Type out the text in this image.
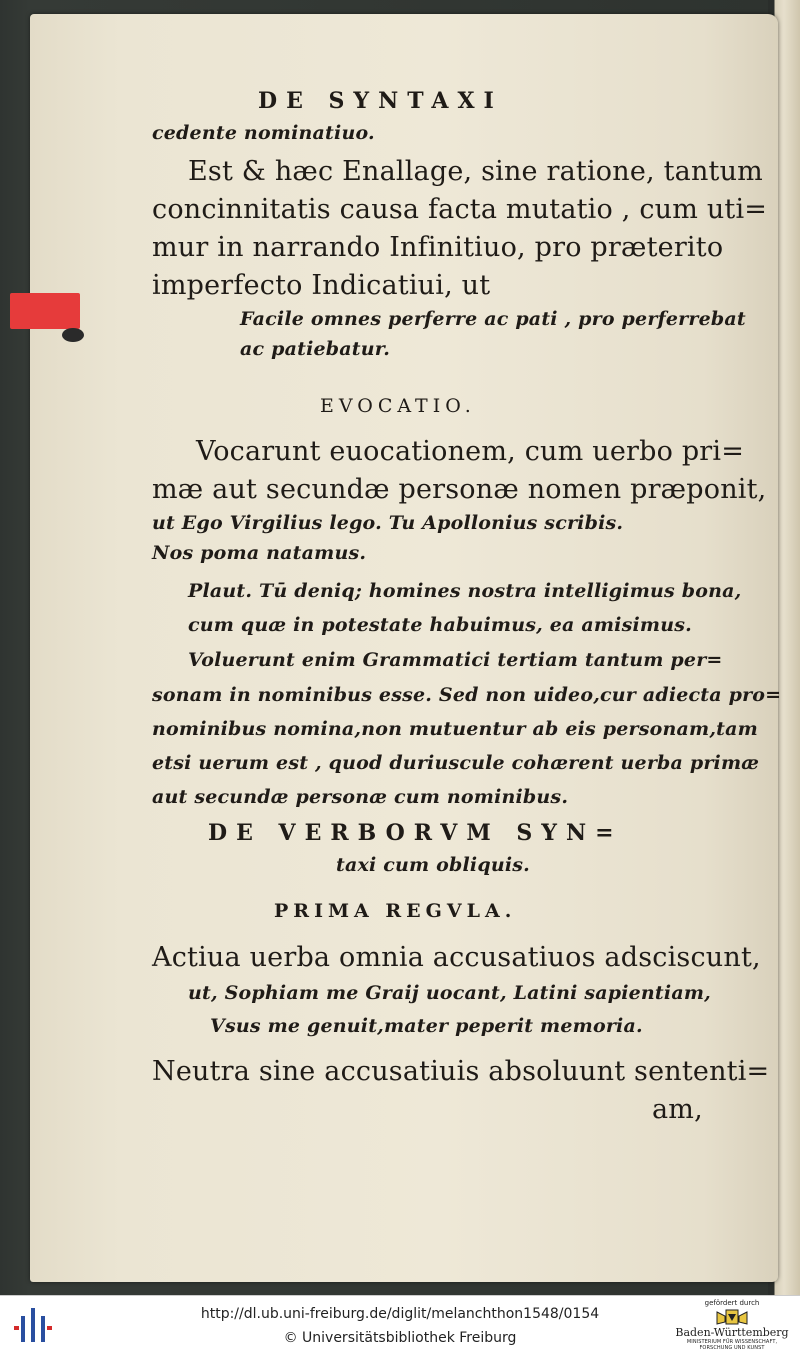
DE SYNTAXI

cedente nominatiuo.

Est & hæc Enallage, sine ratione, tantum

concinnitatis causa facta mutatio , cum uti=

mur in narrando Infinitiuo, pro præterito

imperfecto Indicatiui, ut

Facile omnes perferre ac pati , pro perferrebat

ac patiebatur.

EVOCATIO.

Vocarunt euocationem, cum uerbo pri=

mæ aut secundæ personæ nomen præponit,

ut Ego Virgilius lego. Tu Apollonius scribis.

Nos poma natamus.

Plaut. Tū deniq; homines nostra intelligimus bona,

cum quæ in potestate habuimus, ea amisimus.

Voluerunt enim Grammatici tertiam tantum per=

sonam in nominibus esse. Sed non uideo,cur adiecta pro=

nominibus nomina,non mutuentur ab eis personam,tam

etsi uerum est , quod duriuscule cohærent uerba primæ

aut secundæ personæ cum nominibus.

DE VERBORVM SYN=

taxi cum obliquis.

PRIMA REGVLA.

Actiua uerba omnia accusatiuos adsciscunt,

ut, Sophiam me Graij uocant, Latini sapientiam,

Vsus me genuit,mater peperit memoria.

Neutra sine accusatiuis absoluunt sententi=

am,

http://dl.ub.uni-freiburg.de/diglit/melanchthon1548/0154
© Universitätsbibliothek Freiburg
gefördert durch
Baden-Württemberg
MINISTERIUM FÜR WISSENSCHAFT, FORSCHUNG UND KUNST
